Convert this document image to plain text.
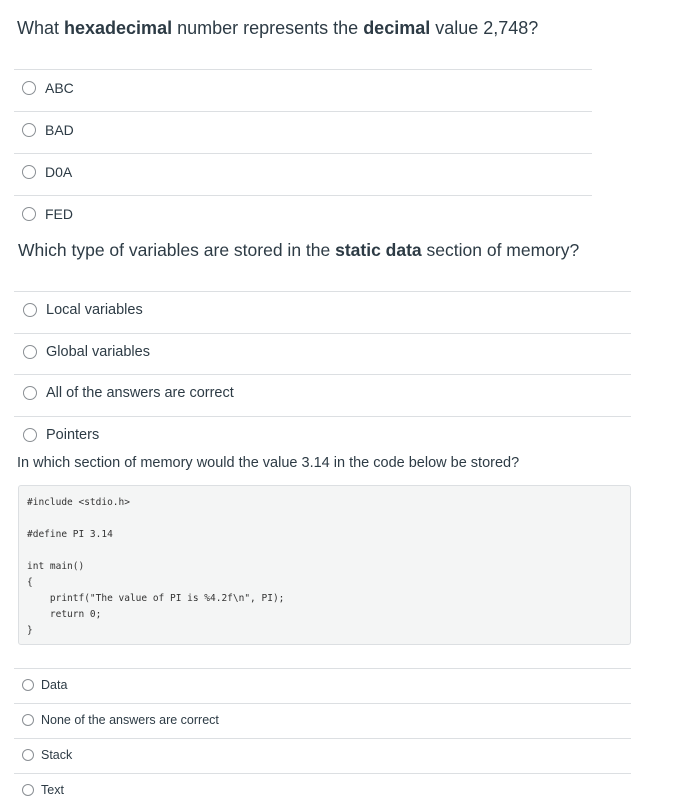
What hexadecimal number represents the decimal value 2,748?
ABC
BAD
D0A
FED
Which type of variables are stored in the static data section of memory?
Local variables
Global variables
All of the answers are correct
Pointers
In which section of memory would the value 3.14 in the code below be stored?
#include <stdio.h>
#define PI 3.14
int main()
{
printf("The value of PI is %4.2f\n", PI);
return 0;
}
Data
None of the answers are correct
Stack
Text
